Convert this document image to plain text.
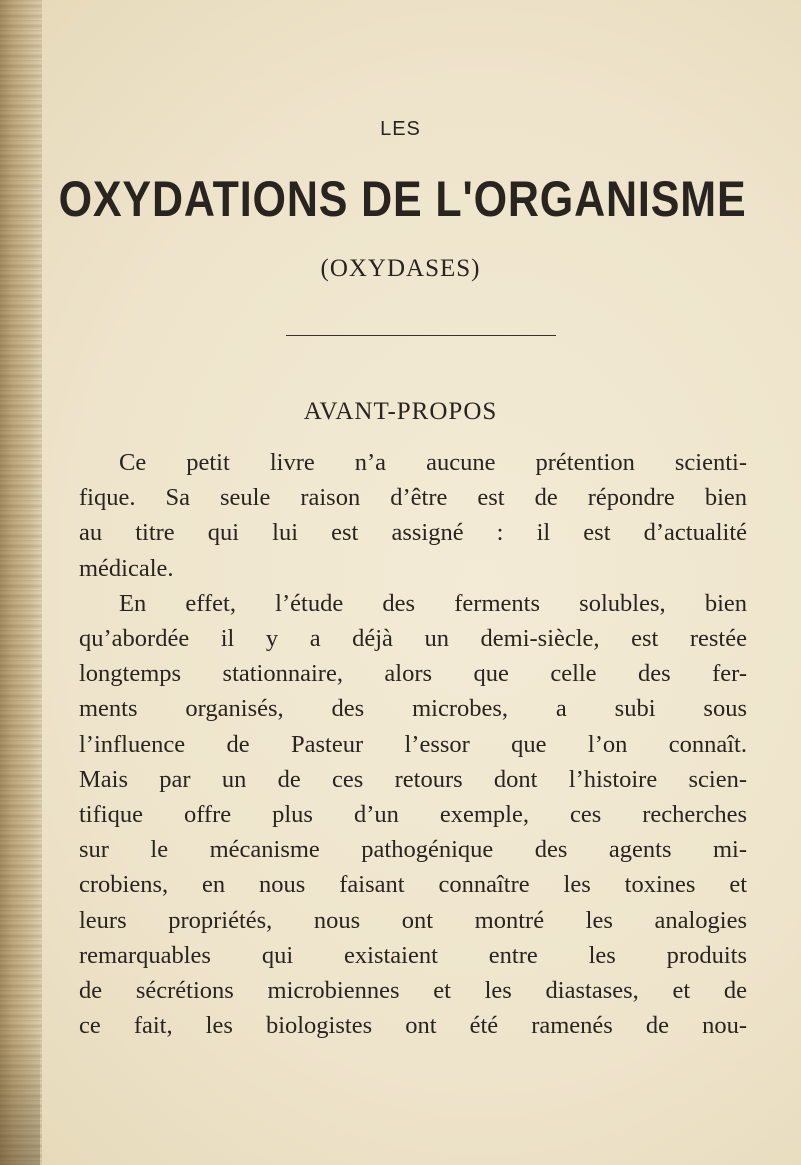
LES
OXYDATIONS DE L'ORGANISME
(OXYDASES)
AVANT-PROPOS
Ce petit livre n’a aucune prétention scienti-
fique. Sa seule raison d’être est de répondre bien
au titre qui lui est assigné : il est d’actualité
médicale.
En effet, l’étude des ferments solubles, bien
qu’abordée il y a déjà un demi-siècle, est restée
longtemps stationnaire, alors que celle des fer-
ments organisés, des microbes, a subi sous
l’influence de Pasteur l’essor que l’on connaît.
Mais par un de ces retours dont l’histoire scien-
tifique offre plus d’un exemple, ces recherches
sur le mécanisme pathogénique des agents mi-
crobiens, en nous faisant connaître les toxines et
leurs propriétés, nous ont montré les analogies
remarquables qui existaient entre les produits
de sécrétions microbiennes et les diastases, et de
ce fait, les biologistes ont été ramenés de nou-
